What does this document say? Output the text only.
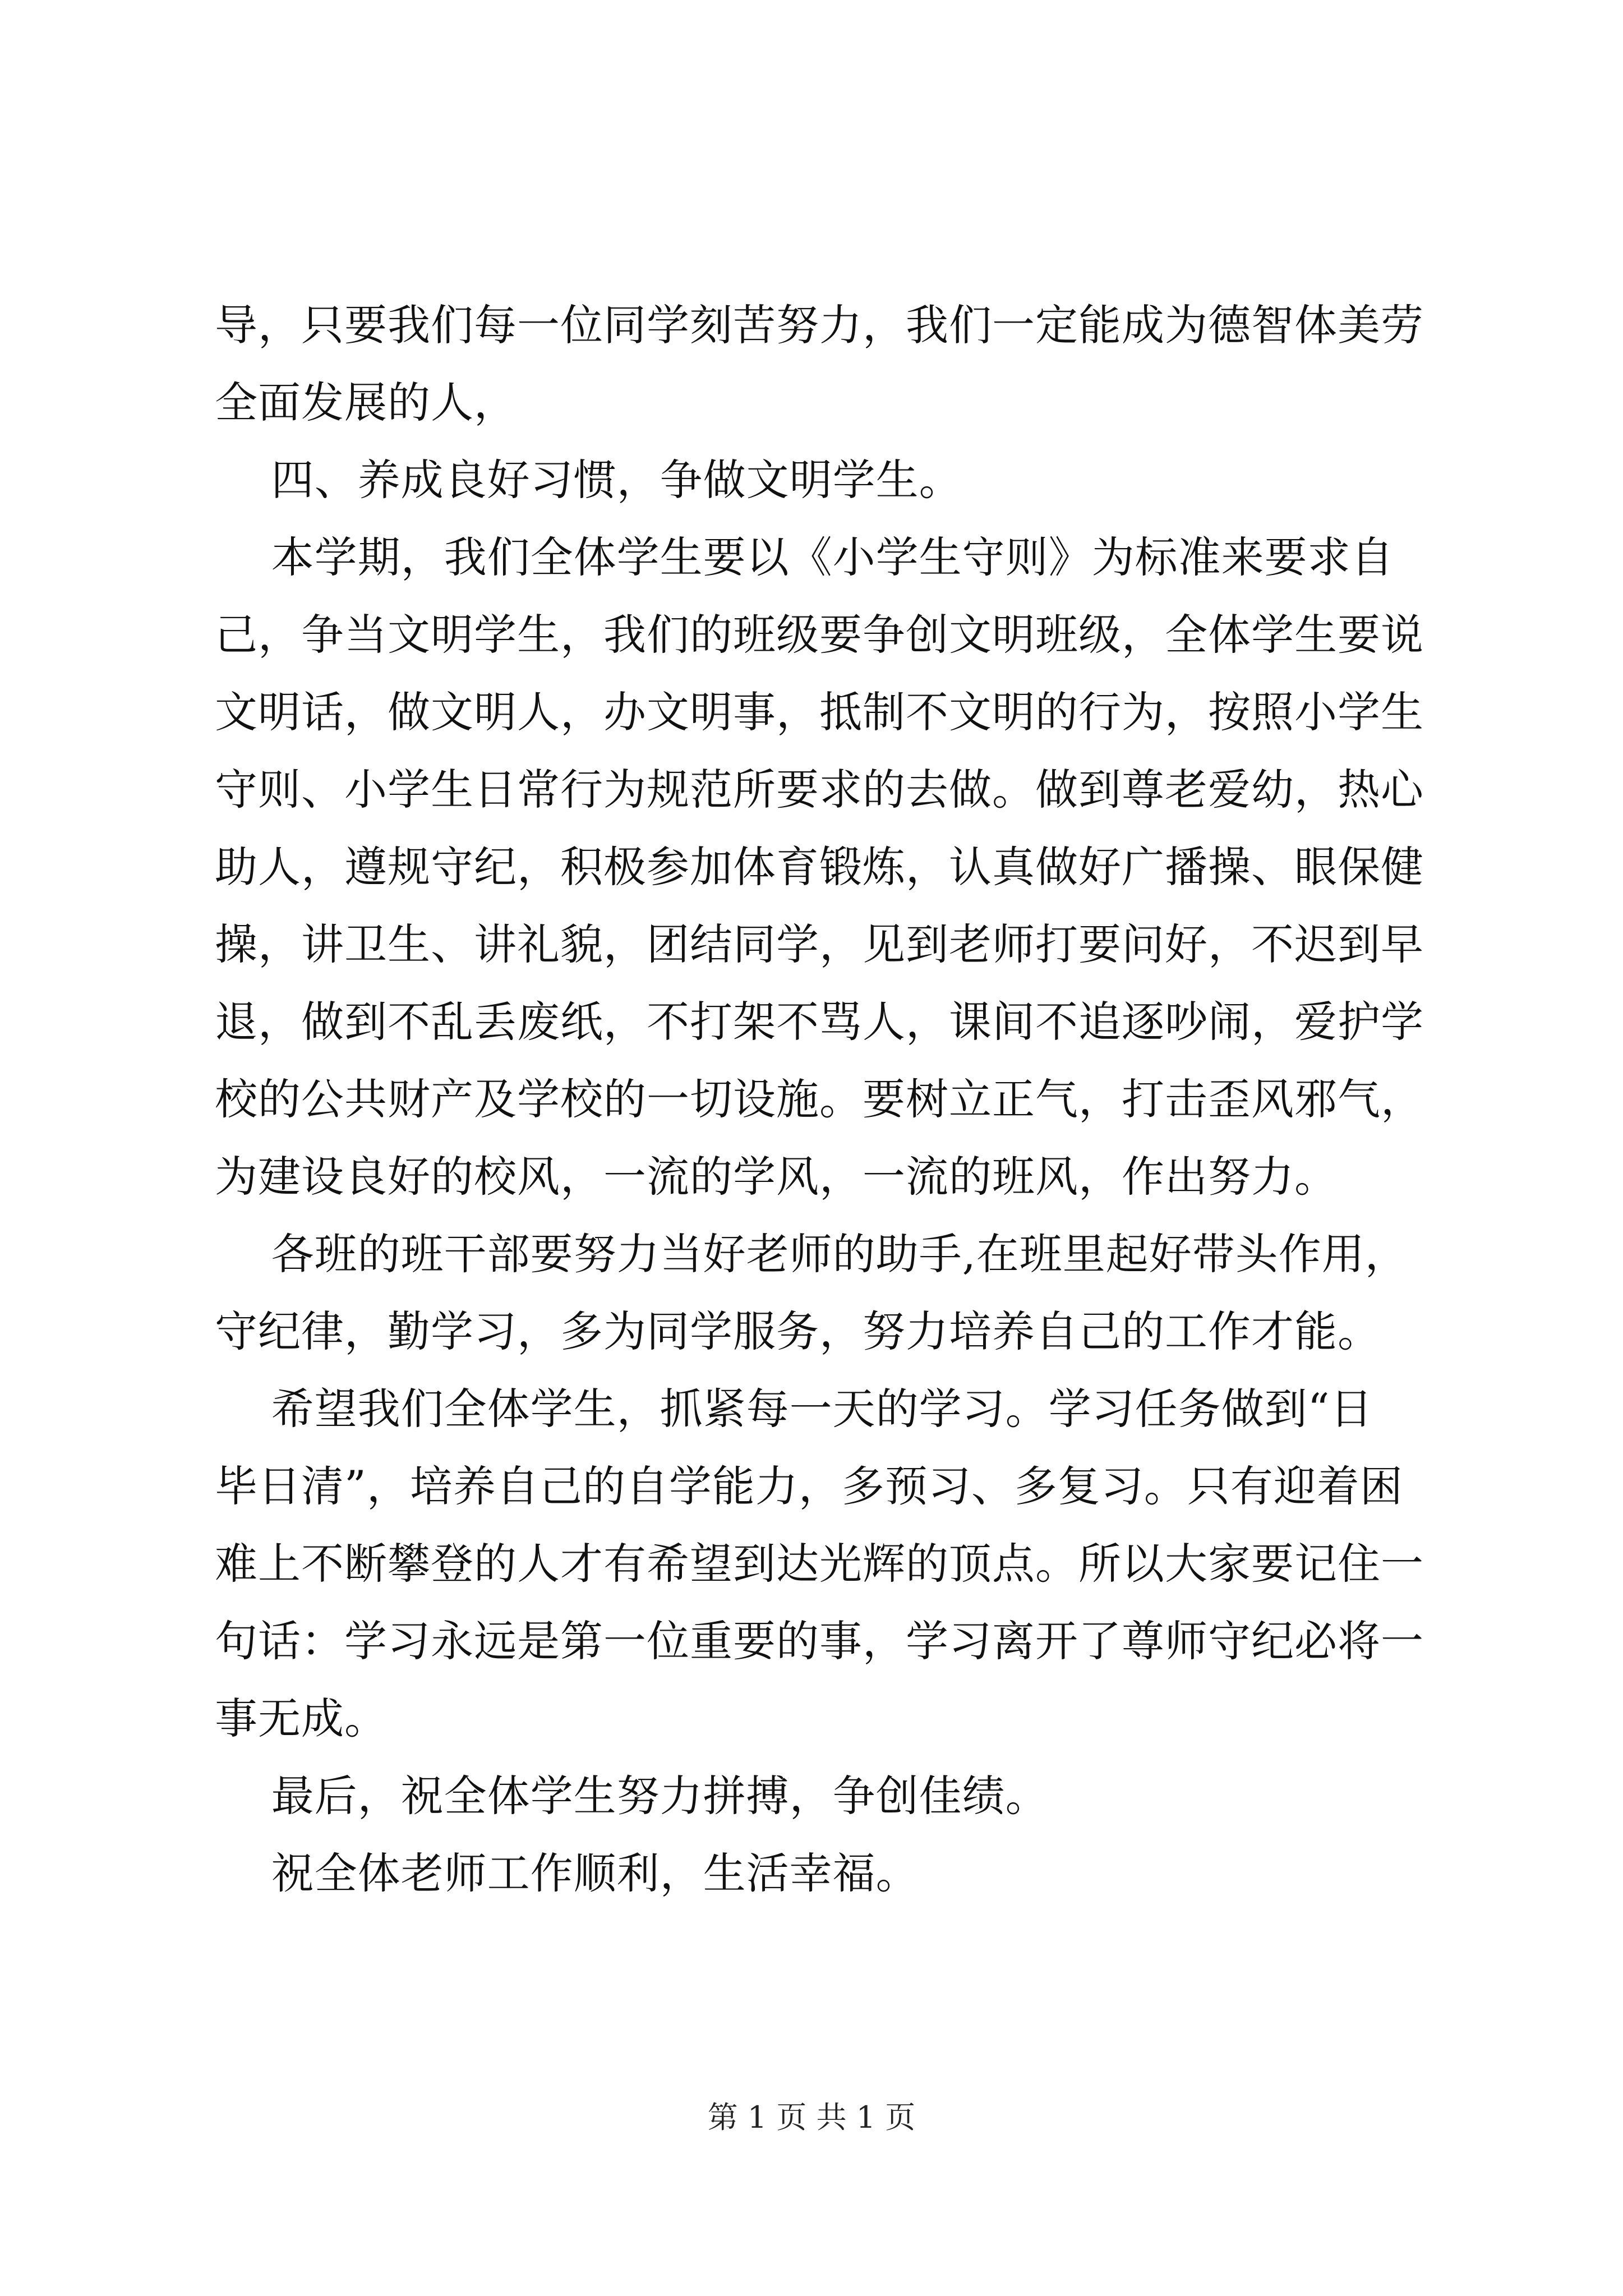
导，只要我们每一位同学刻苦努力，我们一定能成为德智体美劳
全面发展的人，
四、养成良好习惯，争做文明学生。
本学期，我们全体学生要以《小学生守则》为标准来要求自
己，争当文明学生，我们的班级要争创文明班级，全体学生要说
文明话，做文明人，办文明事，抵制不文明的行为，按照小学生
守则、小学生日常行为规范所要求的去做。做到尊老爱幼，热心
助人，遵规守纪，积极参加体育锻炼，认真做好广播操、眼保健
操，讲卫生、讲礼貌，团结同学，见到老师打要问好，不迟到早
退，做到不乱丢废纸，不打架不骂人，课间不追逐吵闹，爱护学
校的公共财产及学校的一切设施。要树立正气，打击歪风邪气，
为建设良好的校风，一流的学风，一流的班风，作出努力。
各班的班干部要努力当好老师的助手,在班里起好带头作用，
守纪律，勤学习，多为同学服务，努力培养自己的工作才能。
希望我们全体学生，抓紧每一天的学习。学习任务做到“日
毕日清”，培养自己的自学能力，多预习、多复习。只有迎着困
难上不断攀登的人才有希望到达光辉的顶点。所以大家要记住一
句话：学习永远是第一位重要的事，学习离开了尊师守纪必将一
事无成。
最后，祝全体学生努力拼搏，争创佳绩。
祝全体老师工作顺利，生活幸福。
第 1 页 共 1 页
